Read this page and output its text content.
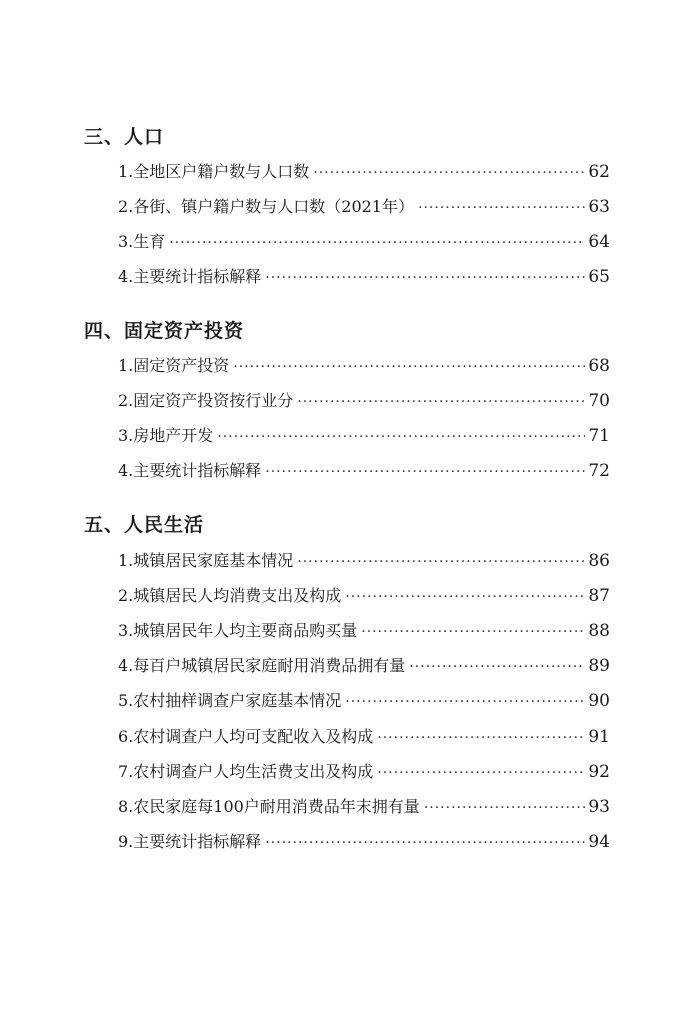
三、人口
1. 全地区户籍户数与人口数 ·····	62
2. 各街、镇户籍户数与人口数（2021年） ·····	63
3. 生育 ·····	64
4. 主要统计指标解释 ·····	65
四、固定资产投资
1. 固定资产投资 ·····	68
2. 固定资产投资按行业分 ·····	70
3. 房地产开发 ·····	71
4. 主要统计指标解释 ·····	72
五、人民生活
1. 城镇居民家庭基本情况 ·····	86
2. 城镇居民人均消费支出及构成 ·····	87
3. 城镇居民年人均主要商品购买量 ·····	88
4. 每百户城镇居民家庭耐用消费品拥有量 ·····	89
5. 农村抽样调查户家庭基本情况 ·····	90
6. 农村调查户人均可支配收入及构成 ·····	91
7. 农村调查户人均生活费支出及构成 ·····	92
8. 农民家庭每100户耐用消费品年末拥有量 ·····	93
9. 主要统计指标解释 ·····	94
